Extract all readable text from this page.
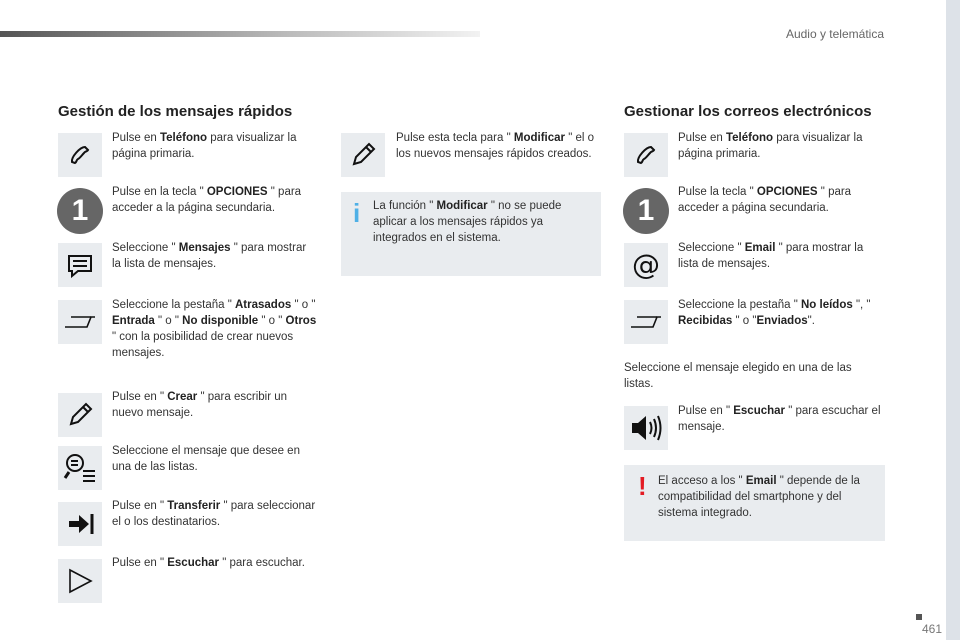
Audio y telemática
Gestión de los mensajes rápidos
Pulse en Teléfono para visualizar la página primaria.
1
Pulse en la tecla " OPCIONES " para acceder a la página secundaria.
Seleccione " Mensajes " para mostrar la lista de mensajes.
Seleccione la pestaña " Atrasados " o " Entrada " o " No disponible " o " Otros " con la posibilidad de crear nuevos mensajes.
Pulse en " Crear " para escribir un nuevo mensaje.
Seleccione el mensaje que desee en una de las listas.
Pulse en " Transferir " para seleccionar el o los destinatarios.
Pulse en " Escuchar " para escuchar.
Pulse esta tecla para " Modificar " el o los nuevos mensajes rápidos creados.
i La función " Modificar " no se puede aplicar a los mensajes rápidos ya integrados en el sistema.
Gestionar los correos electrónicos
Pulse en Teléfono para visualizar la página primaria.
1
Pulse la tecla " OPCIONES " para acceder a página secundaria.
@ Seleccione " Email " para mostrar la lista de mensajes.
Seleccione la pestaña " No leídos ", " Recibidas " o "Enviados".
Seleccione el mensaje elegido en una de las listas.
Pulse en " Escuchar " para escuchar el mensaje.
! El acceso a los " Email " depende de la compatibilidad del smartphone y del sistema integrado.
461
